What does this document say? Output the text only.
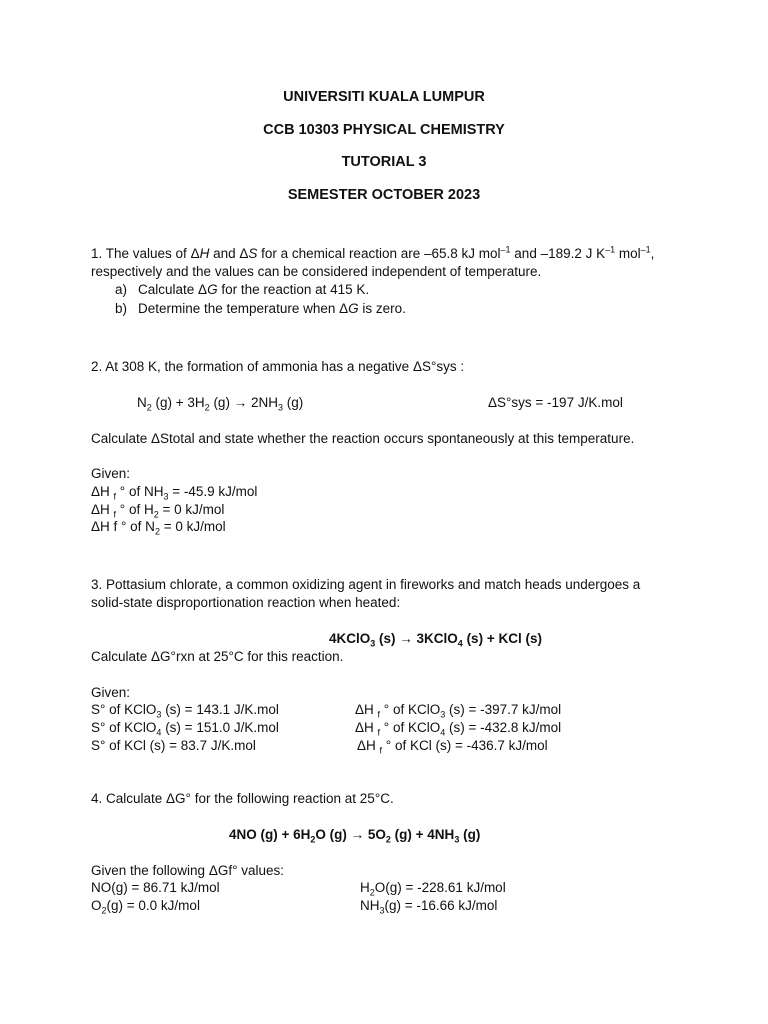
UNIVERSITI KUALA LUMPUR
CCB 10303 PHYSICAL CHEMISTRY
TUTORIAL 3
SEMESTER OCTOBER 2023
1. The values of ΔH and ΔS for a chemical reaction are –65.8 kJ mol$^{-1}$ and –189.2 J $K^{-1}$ mol$^{-1}$,
respectively and the values can be considered independent of temperature.
a) Calculate ΔG for the reaction at 415 K.
b) Determine the temperature when ΔG is zero.
2. At 308 K, the formation of ammonia has a negative ΔS°sys :
$N_2$ $(g) + 3H_2$ $(g) \to 2NH_3$ (g)	ΔS°sys = -197 J/K.mol
Calculate ΔStotal and state whether the reaction occurs spontaneously at this temperature.
Given:
ΔH $_f$ ° of $NH_3 = -45.9$ kJ/mol
ΔH $_f$ ° of $H_2 = 0$ kJ/mol
ΔH f ° of $N_2 = 0$ kJ/mol
3. Pottasium chlorate, a common oxidizing agent in fireworks and match heads undergoes a
solid-state disproportionation reaction when heated:
4KClO$_3$ (s) → 3KClO$_4$ (s) + KCl (s)
Calculate ΔG°rxn at 25°C for this reaction.
Given:
S° of KClO$_3$ (s) = 143.1 J/K.mol
S° of KClO$_4$ (s) = 151.0 J/K.mol
S° of KCl (s) = 83.7 J/K.mol
ΔH $_f$ ° of KClO$_3$ (s) = -397.7 kJ/mol
ΔH $_f$ ° of KClO$_4$ (s) = -432.8 kJ/mol
ΔH $_f$ ° of KCl (s) = -436.7 kJ/mol
4. Calculate ΔG° for the following reaction at 25°C.
4NO $(g) + 6H_2O$ $(g) \to 5O_2$ $(g) + 4NH_3$ (g)
Given the following ΔGf° values:
NO(g) = 86.71 kJ/mol
$O_2(g) = 0.0$ kJ/mol
$H_2O(g) = -228.61$ kJ/mol
$NH_3(g) = -16.66$ kJ/mol
